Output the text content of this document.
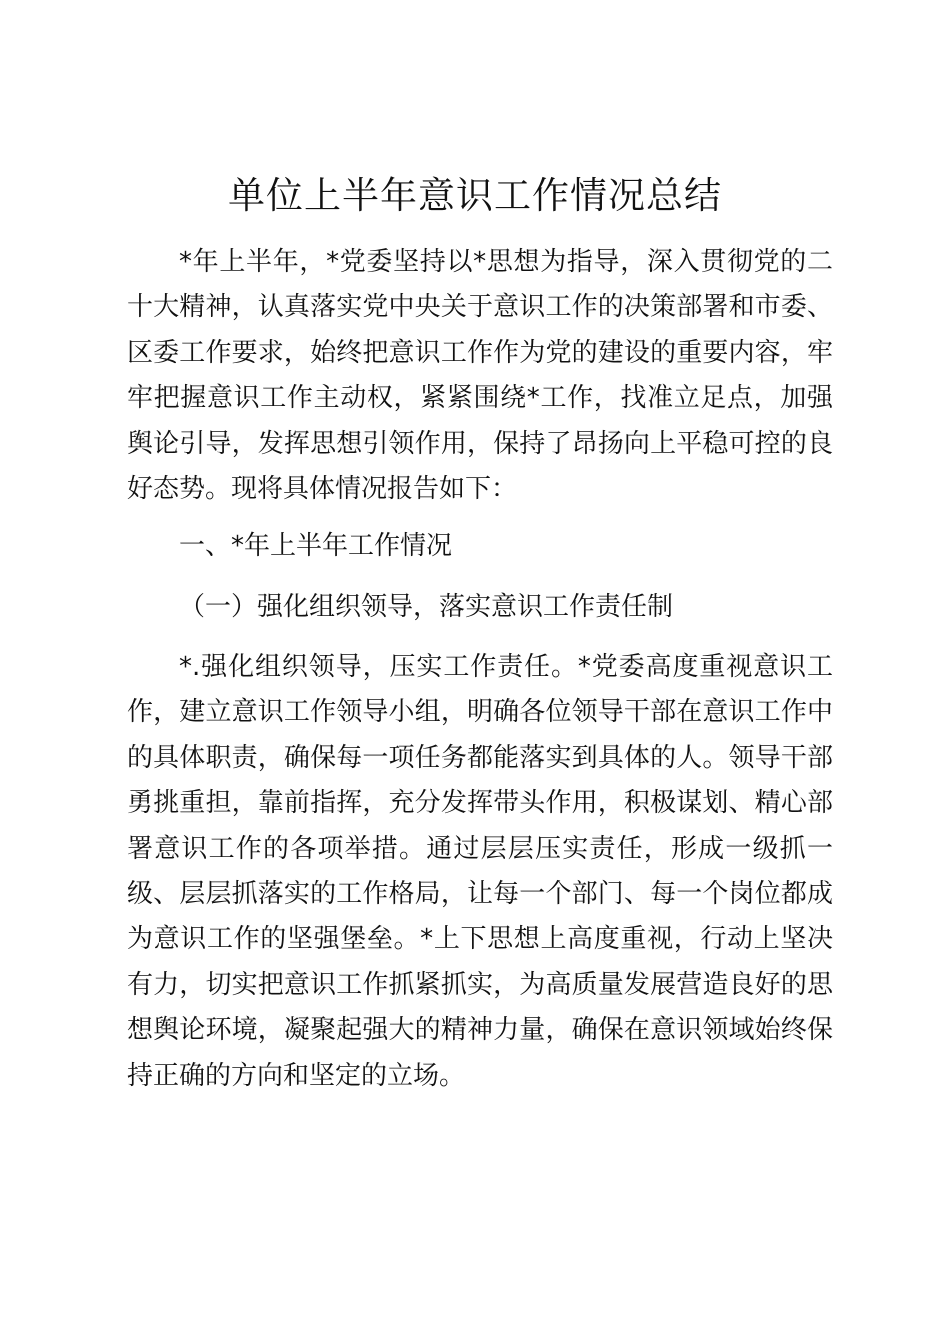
单位上半年意识工作情况总结

*年上半年，*党委坚持以*思想为指导，深入贯彻党的二十大精神，认真落实党中央关于意识工作的决策部署和市委、区委工作要求，始终把意识工作作为党的建设的重要内容，牢牢把握意识工作主动权，紧紧围绕*工作，找准立足点，加强舆论引导，发挥思想引领作用，保持了昂扬向上平稳可控的良好态势。现将具体情况报告如下：

一、*年上半年工作情况

（一）强化组织领导，落实意识工作责任制

*.强化组织领导，压实工作责任。*党委高度重视意识工作，建立意识工作领导小组，明确各位领导干部在意识工作中的具体职责，确保每一项任务都能落实到具体的人。领导干部勇挑重担，靠前指挥，充分发挥带头作用，积极谋划、精心部署意识工作的各项举措。通过层层压实责任，形成一级抓一级、层层抓落实的工作格局，让每一个部门、每一个岗位都成为意识工作的坚强堡垒。*上下思想上高度重视，行动上坚决有力，切实把意识工作抓紧抓实，为高质量发展营造良好的思想舆论环境，凝聚起强大的精神力量，确保在意识领域始终保持正确的方向和坚定的立场。
